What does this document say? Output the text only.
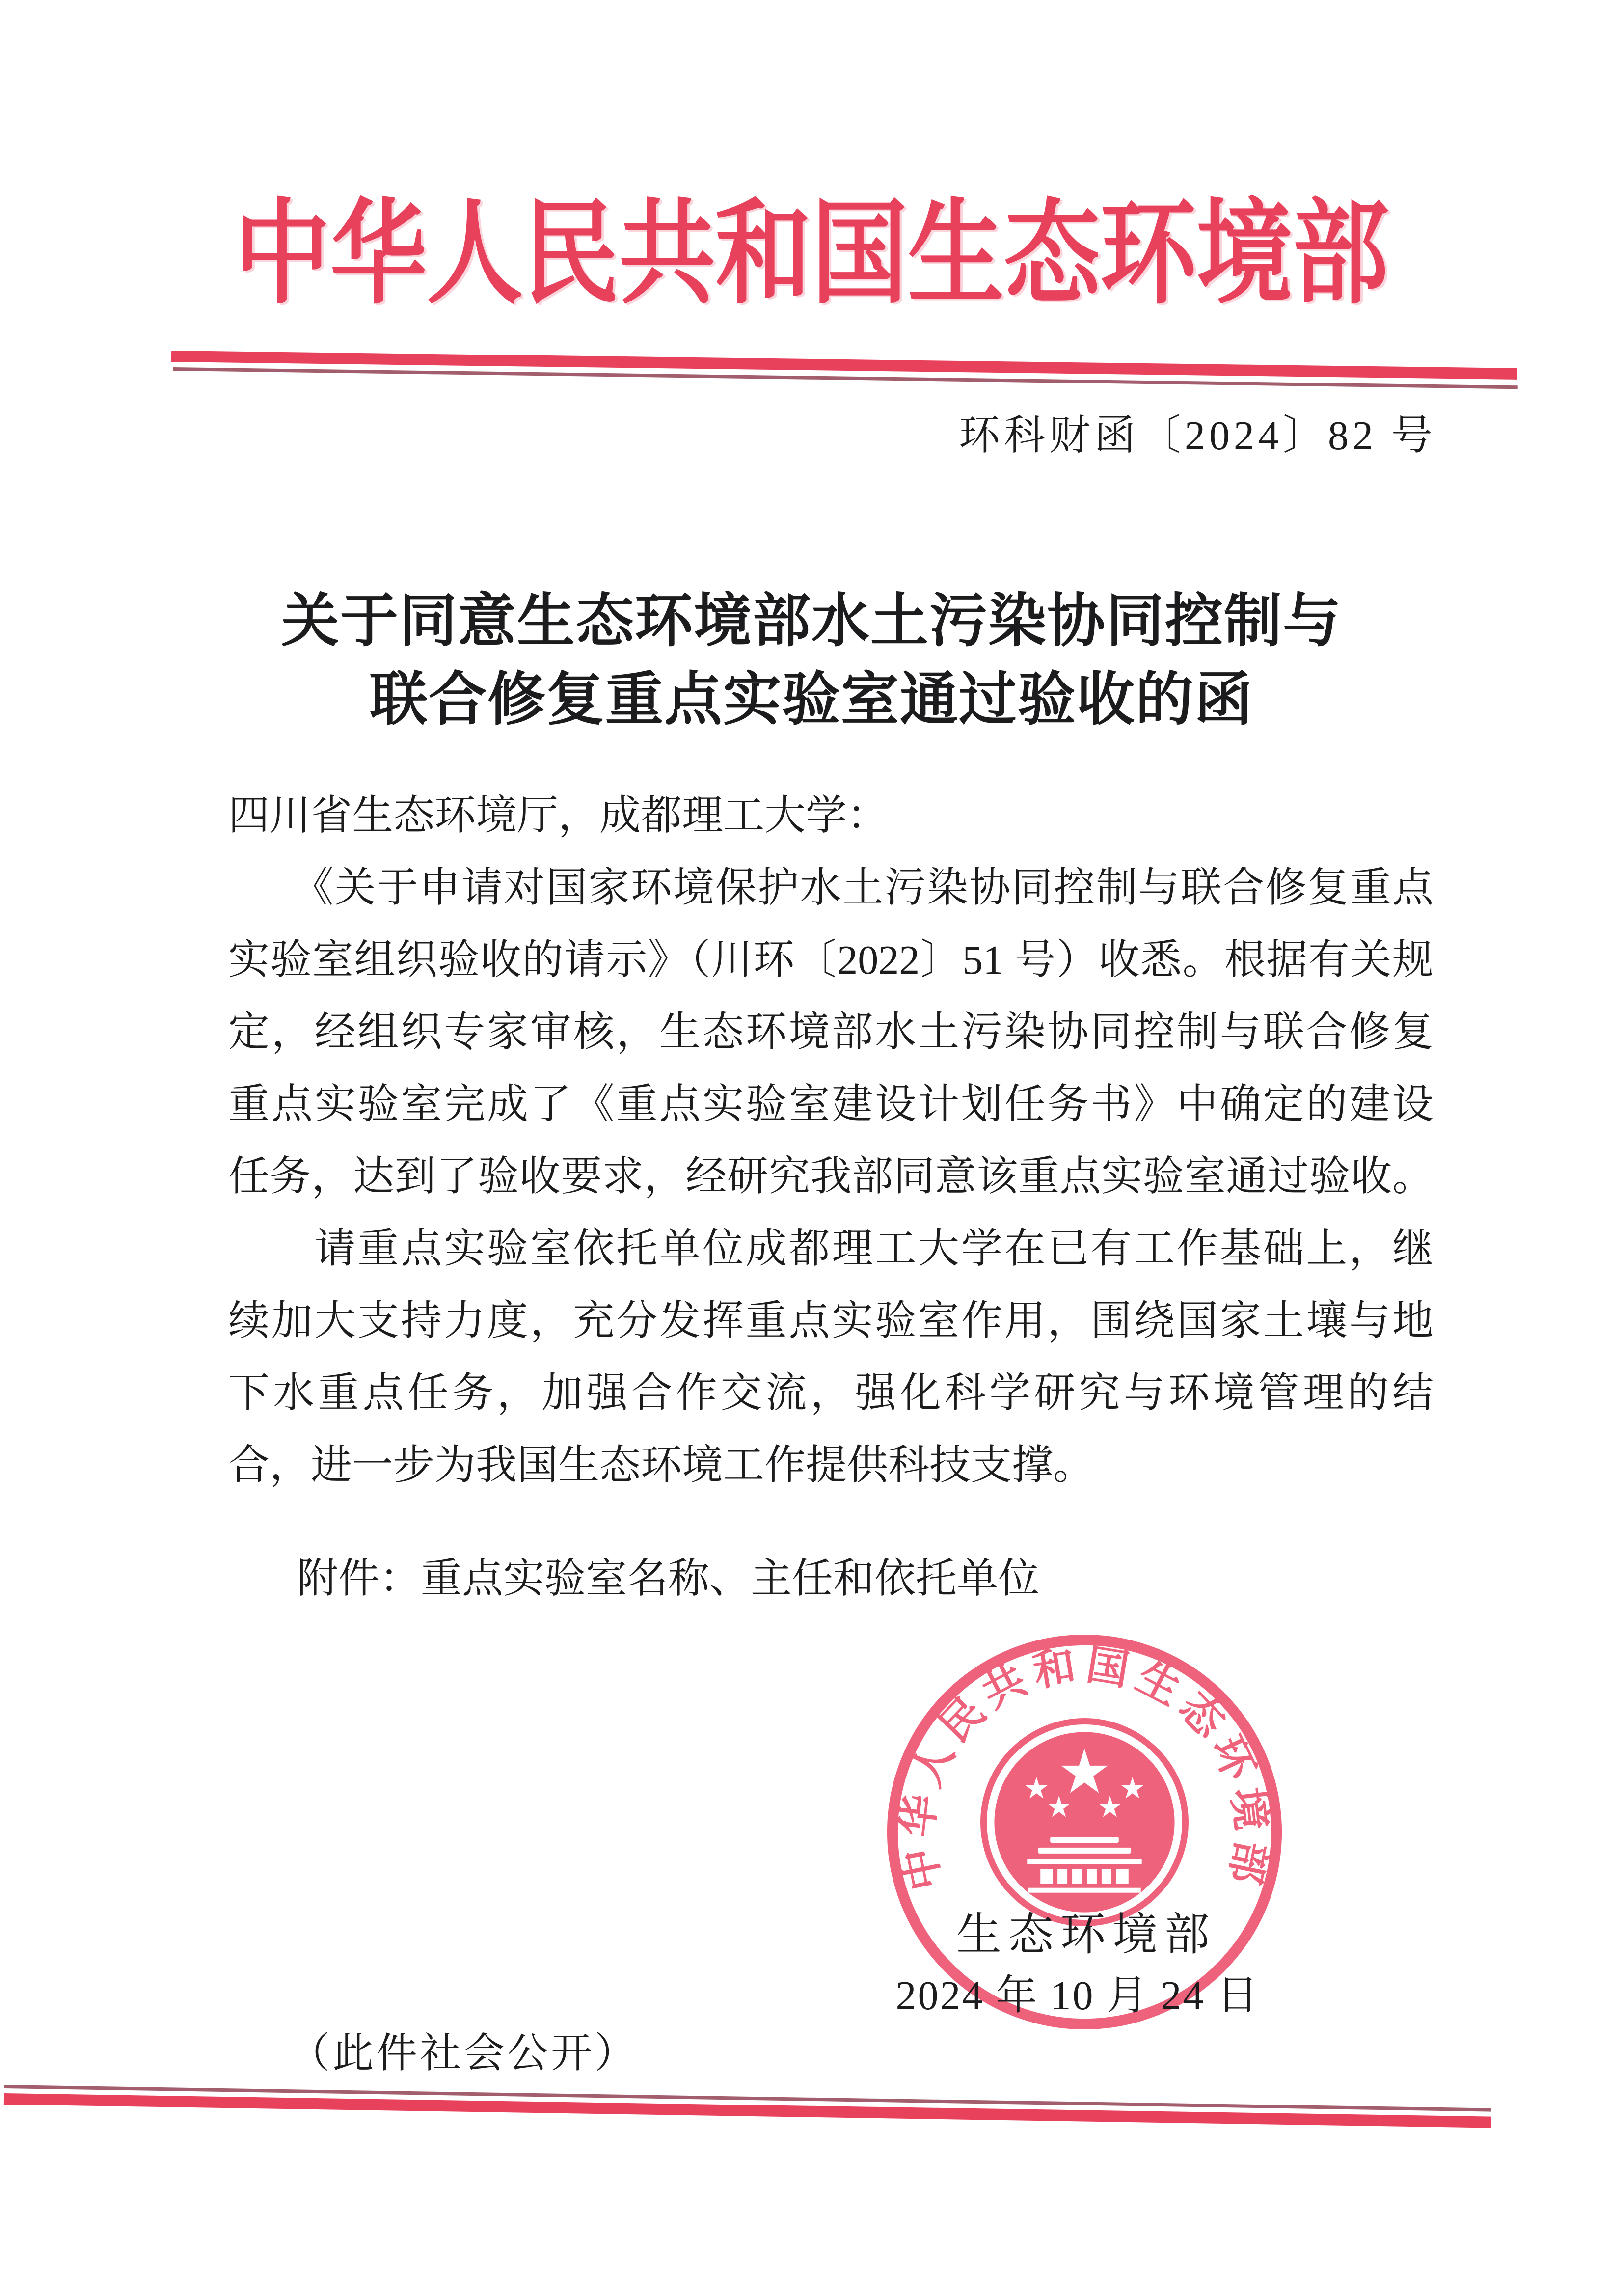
中华人民共和国生态环境部
环科财函〔2024〕82 号
关于同意生态环境部水土污染协同控制与
联合修复重点实验室通过验收的函
四川省生态环境厅，成都理工大学：
　　《关于申请对国家环境保护水土污染协同控制与联合修复重点
实验室组织验收的请示》（川环〔2022〕51 号）收悉。根据有关规
定，经组织专家审核，生态环境部水土污染协同控制与联合修复
重点实验室完成了《重点实验室建设计划任务书》中确定的建设
任务，达到了验收要求，经研究我部同意该重点实验室通过验收。
　　请重点实验室依托单位成都理工大学在已有工作基础上，继
续加大支持力度，充分发挥重点实验室作用，围绕国家土壤与地
下水重点任务，加强合作交流，强化科学研究与环境管理的结
合，进一步为我国生态环境工作提供科技支撑。
附件：重点实验室名称、主任和依托单位
中华人民共和国生态环境部
生态环境部
2024 年 10 月 24 日
（此件社会公开）
